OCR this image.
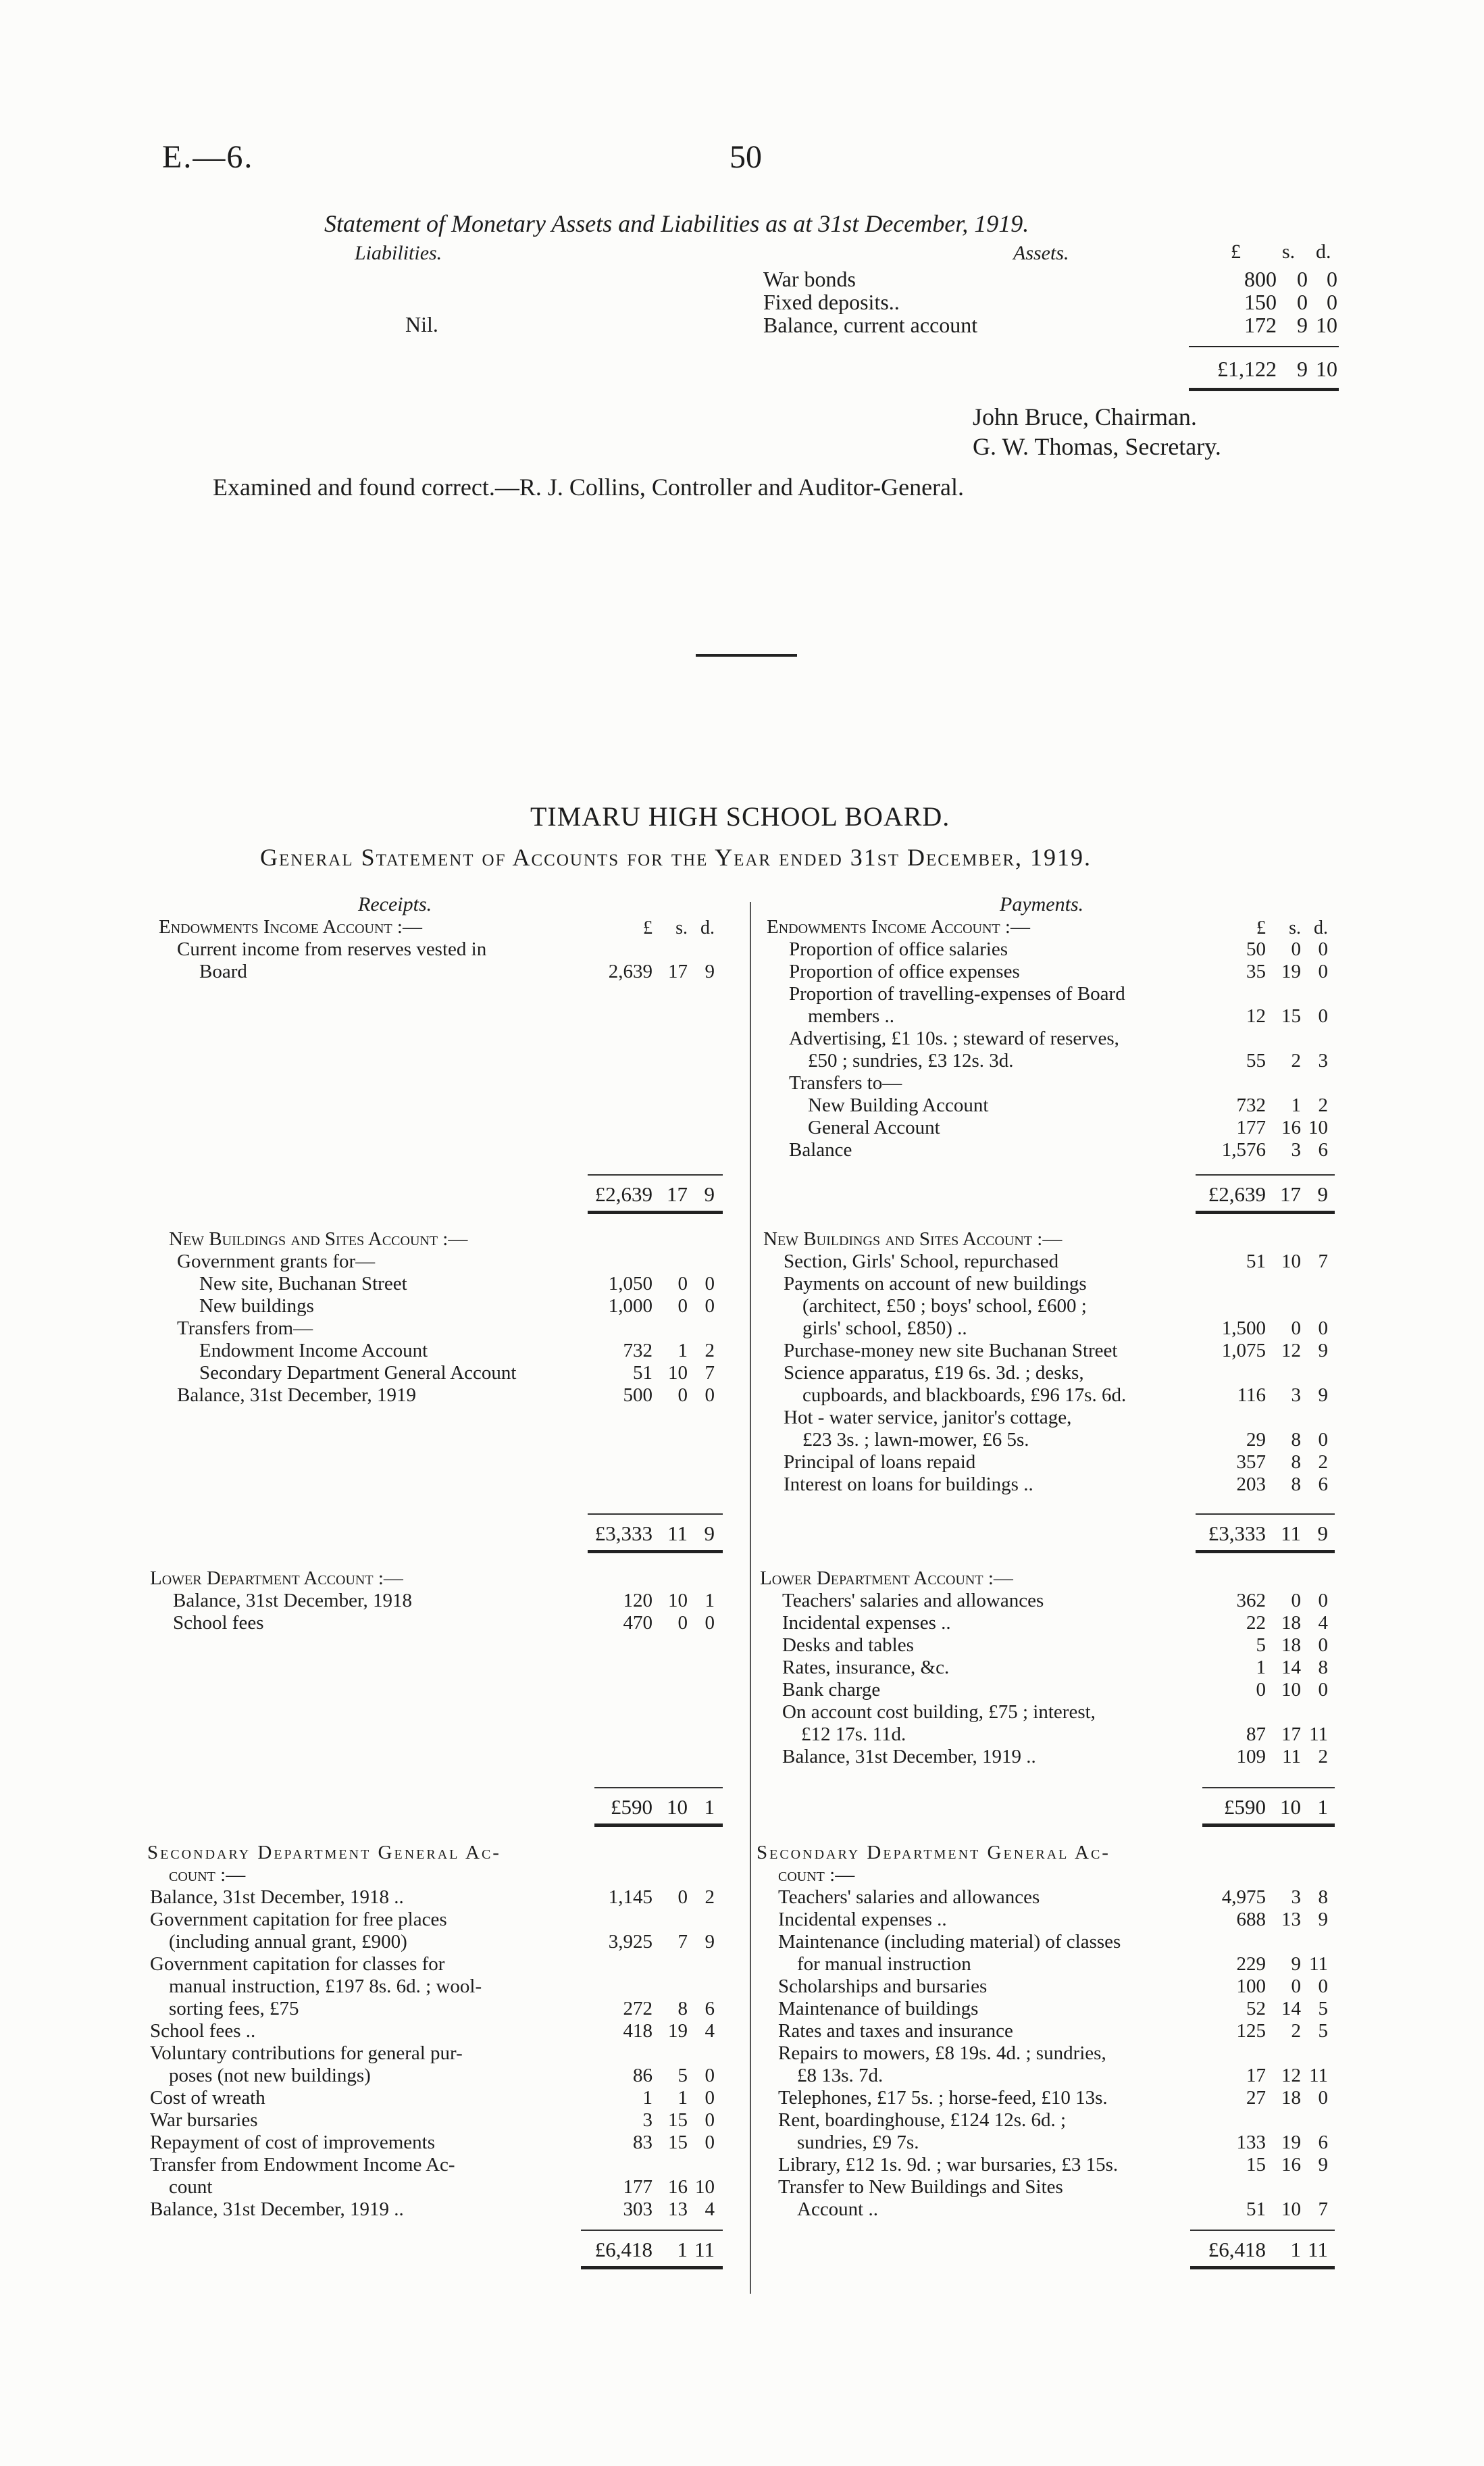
E.—6.	50
Statement of Monetary Assets and Liabilities as at 31st December, 1919.
Liabilities.	Assets.	£ s. d.
Nil.
War bonds	800 0 0
Fixed deposits..	150 0 0
Balance, current account	172 9 10
£1,122 9 10
John Bruce, Chairman.
G. W. Thomas, Secretary.
Examined and found correct.—R. J. Collins, Controller and Auditor-General.
TIMARU HIGH SCHOOL BOARD.
General Statement of Accounts for the Year ended 31st December, 1919.
Receipts.	Payments.
£ s. d.	£ s. d.
Endowments Income Account :—
Current income from reserves vested in
Board	2,639 17 9
£2,639 17 9
Endowments Income Account :—
Proportion of office salaries	50 0 0
Proportion of office expenses	35 19 0
Proportion of travelling-expenses of Board
members ..	12 15 0
Advertising, £1 10s. ; steward of reserves,
£50 ; sundries, £3 12s. 3d.	55 2 3
Transfers to—
New Building Account	732 1 2
General Account	177 16 10
Balance	1,576 3 6
£2,639 17 9
New Buildings and Sites Account :—
Government grants for—
New site, Buchanan Street	1,050 0 0
New buildings	1,000 0 0
Transfers from—
Endowment Income Account	732 1 2
Secondary Department General Account	51 10 7
Balance, 31st December, 1919	500 0 0
£3,333 11 9
New Buildings and Sites Account :—
Section, Girls' School, repurchased	51 10 7
Payments on account of new buildings
(architect, £50 ; boys' school, £600 ;
girls' school, £850) ..	1,500 0 0
Purchase-money new site Buchanan Street	1,075 12 9
Science apparatus, £19 6s. 3d. ; desks,
cupboards, and blackboards, £96 17s. 6d.	116 3 9
Hot - water service, janitor's cottage,
£23 3s. ; lawn-mower, £6 5s.	29 8 0
Principal of loans repaid	357 8 2
Interest on loans for buildings ..	203 8 6
£3,333 11 9
Lower Department Account :—
Balance, 31st December, 1918	120 10 1
School fees	470 0 0
£590 10 1
Lower Department Account :—
Teachers' salaries and allowances	362 0 0
Incidental expenses ..	22 18 4
Desks and tables	5 18 0
Rates, insurance, &c.	1 14 8
Bank charge	0 10 0
On account cost building, £75 ; interest,
£12 17s. 11d.	87 17 11
Balance, 31st December, 1919 ..	109 11 2
£590 10 1
Secondary Department General Ac-
count :—
Balance, 31st December, 1918 ..	1,145 0 2
Government capitation for free places
(including annual grant, £900)	3,925 7 9
Government capitation for classes for
manual instruction, £197 8s. 6d. ; wool-
sorting fees, £75	272 8 6
School fees ..	418 19 4
Voluntary contributions for general pur-
poses (not new buildings)	86 5 0
Cost of wreath	1 1 0
War bursaries	3 15 0
Repayment of cost of improvements	83 15 0
Transfer from Endowment Income Ac-
count	177 16 10
Balance, 31st December, 1919 ..	303 13 4
£6,418 1 11
Secondary Department General Ac-
count :—
Teachers' salaries and allowances	4,975 3 8
Incidental expenses ..	688 13 9
Maintenance (including material) of classes
for manual instruction	229 9 11
Scholarships and bursaries	100 0 0
Maintenance of buildings	52 14 5
Rates and taxes and insurance	125 2 5
Repairs to mowers, £8 19s. 4d. ; sundries,
£8 13s. 7d.	17 12 11
Telephones, £17 5s. ; horse-feed, £10 13s.	27 18 0
Rent, boardinghouse, £124 12s. 6d. ;
sundries, £9 7s.	133 19 6
Library, £12 1s. 9d. ; war bursaries, £3 15s.	15 16 9
Transfer to New Buildings and Sites
Account ..	51 10 7
£6,418 1 11
